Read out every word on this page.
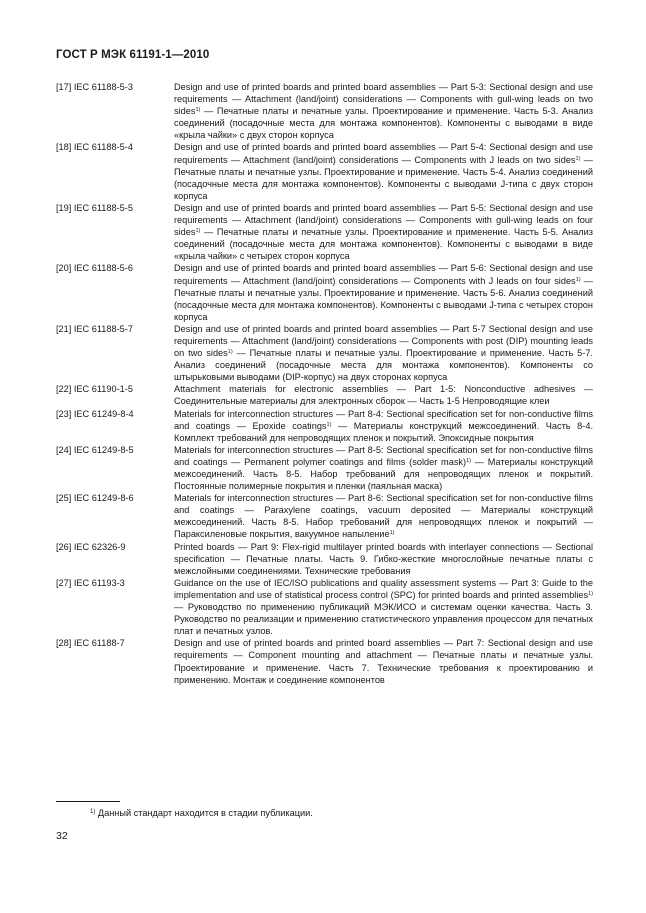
ГОСТ Р МЭК 61191-1—2010
[17] IEC 61188-5-3	Design and use of printed boards and printed board assemblies — Part 5-3: Sectional design and use requirements — Attachment (land/joint) considerations — Components with gull-wing leads on two sides$^{1)}$ — Печатные платы и печатные узлы. Проектирование и применение. Часть 5-3. Анализ соединений (посадочные места для монтажа компонентов). Компоненты с выводами в виде «крыла чайки» с двух сторон корпуса
[18] IEC 61188-5-4	Design and use of printed boards and printed board assemblies — Part 5-4: Sectional design and use requirements — Attachment (land/joint) considerations — Components with J leads on two sides$^{1)}$ — Печатные платы и печатные узлы. Проектирование и применение. Часть 5-4. Анализ соединений (посадочные места для монтажа компонентов). Компоненты с выводами J-типа с двух сторон корпуса
[19] IEC 61188-5-5	Design and use of printed boards and printed board assemblies — Part 5-5: Sectional design and use requirements — Attachment (land/joint) considerations — Components with gull-wing leads on four sides$^{1)}$ — Печатные платы и печатные узлы. Проектирование и применение. Часть 5-5. Анализ соединений (посадочные места для монтажа компонентов). Компоненты с выводами в виде «крыла чайки» с четырех сторон корпуса
[20] IEC 61188-5-6	Design and use of printed boards and printed board assemblies — Part 5-6: Sectional design and use requirements — Attachment (land/joint) considerations — Components with J leads on four sides$^{1)}$ — Печатные платы и печатные узлы. Проектирование и применение. Часть 5-6. Анализ соединений (посадочные места для монтажа компонентов). Компоненты с выводами J-типа с четырех сторон корпуса
[21] IEC 61188-5-7	Design and use of printed boards and printed board assemblies — Part 5-7 Sectional design and use requirements — Attachment (land/joint) considerations — Components with post (DIP) mounting leads on two sides$^{1)}$ — Печатные платы и печатные узлы. Проектирование и применение. Часть 5-7. Анализ соединений (посадочные места для монтажа компонентов). Компоненты со штырьковыми выводами (DIP-корпус) на двух сторонах корпуса
[22] IEC 61190-1-5	Attachment materials for electronic assemblies — Part 1-5: Nonconductive adhesives — Соединительные материалы для электронных сборок — Часть 1-5 Непроводящие клеи
[23] IEC 61249-8-4	Materials for interconnection structures — Part 8-4: Sectional specification set for non-conductive films and coatings — Epoxide coatings$^{1)}$ — Материалы конструкций межсоединений. Часть 8-4. Комплект требований для непроводящих пленок и покрытий. Эпоксидные покрытия
[24] IEC 61249-8-5	Materials for interconnection structures — Part 8-5: Sectional specification set for non-conductive films and coatings — Permanent polymer coatings and films (solder mask)$^{1)}$ — Материалы конструкций межсоединений. Часть 8-5. Набор требований для непроводящих пленок и покрытий. Постоянные полимерные покрытия и пленки (паяльная маска)
[25] IEC 61249-8-6	Materials for interconnection structures — Part 8-6: Sectional specification set for non-conductive films and coatings — Paraxylene coatings, vacuum deposited — Материалы конструкций межсоединений. Часть 8-5. Набор требований для непроводящих пленок и покрытий — Параксиленовые покрытия, вакуумное напыление$^{1)}$
[26] IEC 62326-9	Printed boards — Part 9: Flex-rigid multilayer printed boards with interlayer connections — Sectional specification — Печатные платы. Часть 9. Гибко-жесткие многослойные печатные платы с межслойными соединениями. Технические требования
[27] IEC 61193-3	Guidance on the use of IEC/ISO publications and quality assessment systems — Part 3: Guide to the implementation and use of statistical process control (SPC) for printed boards and printed assemblies$^{1)}$ — Руководство по применению публикаций МЭК/ИСО и системам оценки качества. Часть 3. Руководство по реализации и применению статистического управления процессом для печатных плат и печатных узлов.
[28] IEC 61188-7	Design and use of printed boards and printed board assemblies — Part 7: Sectional design and use requirements — Component mounting and attachment — Печатные платы и печатные узлы. Проектирование и применение. Часть 7. Технические требования к проектированию и применению. Монтаж и соединение компонентов
$^{1)}$ Данный стандарт находится в стадии публикации.
32
